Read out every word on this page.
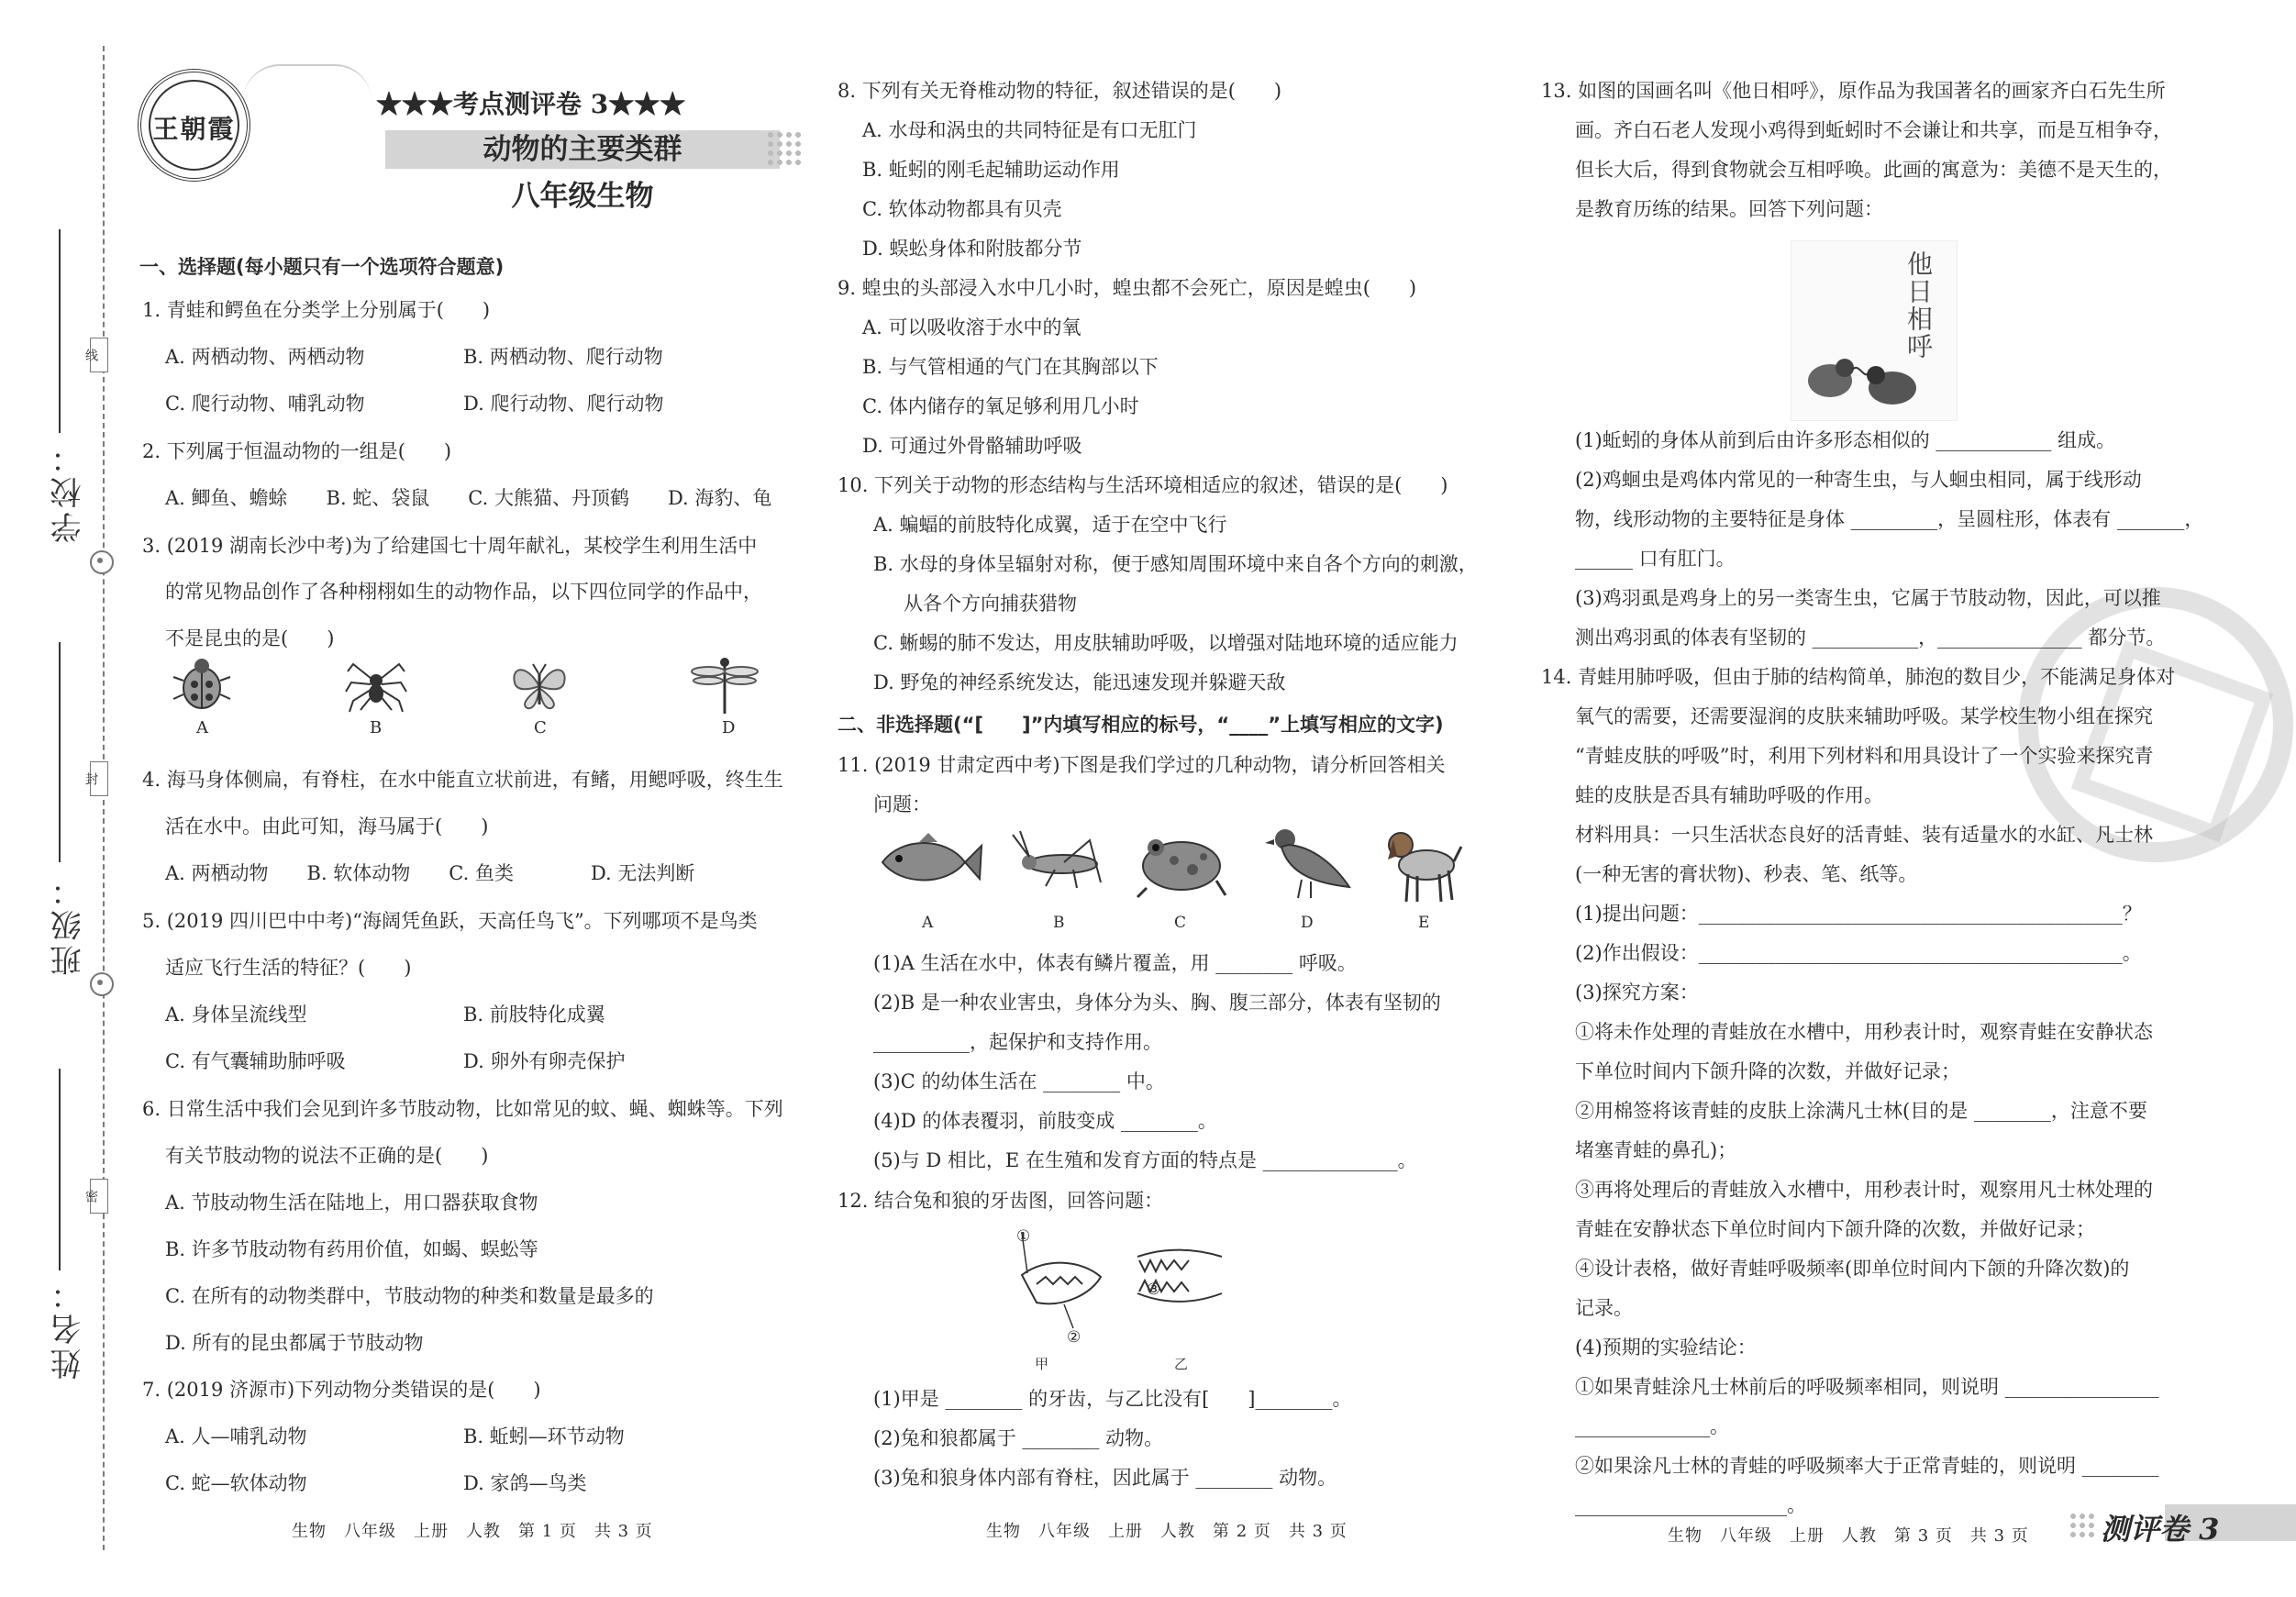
线
封
密
学校：
班级：
姓名：
王朝霞
★★★考点测评卷 3★★★
动物的主要类群
八年级生物
一、选择题(每小题只有一个选项符合题意)
1. 青蛙和鳄鱼在分类学上分别属于(　　)
A. 两栖动物、两栖动物	B. 两栖动物、爬行动物
C. 爬行动物、哺乳动物	D. 爬行动物、爬行动物
2. 下列属于恒温动物的一组是(　　)
A. 鲫鱼、蟾蜍　　B. 蛇、袋鼠　　C. 大熊猫、丹顶鹤　　D. 海豹、龟
3. (2019 湖南长沙中考)为了给建国七十周年献礼，某校学生利用生活中
的常见物品创作了各种栩栩如生的动物作品，以下四位同学的作品中，
不是昆虫的是(　　)
A	B	C	D
4. 海马身体侧扁，有脊柱，在水中能直立状前进，有鳍，用鳃呼吸，终生生
活在水中。由此可知，海马属于(　　)
A. 两栖动物　　B. 软体动物　　C. 鱼类　　　　D. 无法判断
5. (2019 四川巴中中考)“海阔凭鱼跃，天高任鸟飞”。下列哪项不是鸟类
适应飞行生活的特征？(　　)
A. 身体呈流线型	B. 前肢特化成翼
C. 有气囊辅助肺呼吸	D. 卵外有卵壳保护
6. 日常生活中我们会见到许多节肢动物，比如常见的蚊、蝇、蜘蛛等。下列
有关节肢动物的说法不正确的是(　　)
A. 节肢动物生活在陆地上，用口器获取食物
B. 许多节肢动物有药用价值，如蝎、蜈蚣等
C. 在所有的动物类群中，节肢动物的种类和数量是最多的
D. 所有的昆虫都属于节肢动物
7. (2019 济源市)下列动物分类错误的是(　　)
A. 人—哺乳动物	B. 蚯蚓—环节动物
C. 蛇—软体动物	D. 家鸽—鸟类
生物　八年级　上册　人教　第 1 页　共 3 页
8. 下列有关无脊椎动物的特征，叙述错误的是(　　)
A. 水母和涡虫的共同特征是有口无肛门
B. 蚯蚓的刚毛起辅助运动作用
C. 软体动物都具有贝壳
D. 蜈蚣身体和附肢都分节
9. 蝗虫的头部浸入水中几小时，蝗虫都不会死亡，原因是蝗虫(　　)
A. 可以吸收溶于水中的氧
B. 与气管相通的气门在其胸部以下
C. 体内储存的氧足够利用几小时
D. 可通过外骨骼辅助呼吸
10. 下列关于动物的形态结构与生活环境相适应的叙述，错误的是(　　)
A. 蝙蝠的前肢特化成翼，适于在空中飞行
B. 水母的身体呈辐射对称，便于感知周围环境中来自各个方向的刺激，
从各个方向捕获猎物
C. 蜥蜴的肺不发达，用皮肤辅助呼吸，以增强对陆地环境的适应能力
D. 野兔的神经系统发达，能迅速发现并躲避天敌
二、非选择题(“[　　]”内填写相应的标号，“____”上填写相应的文字)
11. (2019 甘肃定西中考)下图是我们学过的几种动物，请分析回答相关
问题：
A	B	C	D	E
(1)A 生活在水中，体表有鳞片覆盖，用 ________ 呼吸。
(2)B 是一种农业害虫，身体分为头、胸、腹三部分，体表有坚韧的
__________，起保护和支持作用。
(3)C 的幼体生活在 ________ 中。
(4)D 的体表覆羽，前肢变成 ________。
(5)与 D 相比，E 在生殖和发育方面的特点是 ______________。
12. 结合兔和狼的牙齿图，回答问题：
①
②
③
甲	乙
(1)甲是 ________ 的牙齿，与乙比没有[　　]________。
(2)兔和狼都属于 ________ 动物。
(3)兔和狼身体内部有脊柱，因此属于 ________ 动物。
生物　八年级　上册　人教　第 2 页　共 3 页
13. 如图的国画名叫《他日相呼》，原作品为我国著名的画家齐白石先生所
画。齐白石老人发现小鸡得到蚯蚓时不会谦让和共享，而是互相争夺，
但长大后，得到食物就会互相呼唤。此画的寓意为：美德不是天生的，
是教育历练的结果。回答下列问题：
他日相呼
(1)蚯蚓的身体从前到后由许多形态相似的 ____________ 组成。
(2)鸡蛔虫是鸡体内常见的一种寄生虫，与人蛔虫相同，属于线形动
物，线形动物的主要特征是身体 _________，呈圆柱形，体表有 _______，
______ 口有肛门。
(3)鸡羽虱是鸡身上的另一类寄生虫，它属于节肢动物，因此，可以推
测出鸡羽虱的体表有坚韧的 ___________，_______________ 都分节。
14. 青蛙用肺呼吸，但由于肺的结构简单，肺泡的数目少，不能满足身体对
氧气的需要，还需要湿润的皮肤来辅助呼吸。某学校生物小组在探究
“青蛙皮肤的呼吸”时，利用下列材料和用具设计了一个实验来探究青
蛙的皮肤是否具有辅助呼吸的作用。
材料用具：一只生活状态良好的活青蛙、装有适量水的水缸、凡士林
(一种无害的膏状物)、秒表、笔、纸等。
(1)提出问题：____________________________________________？
(2)作出假设：____________________________________________。
(3)探究方案：
①将未作处理的青蛙放在水槽中，用秒表计时，观察青蛙在安静状态
下单位时间内下颌升降的次数，并做好记录；
②用棉签将该青蛙的皮肤上涂满凡士林(目的是 ________，注意不要
堵塞青蛙的鼻孔)；
③再将处理后的青蛙放入水槽中，用秒表计时，观察用凡士林处理的
青蛙在安静状态下单位时间内下颌升降的次数，并做好记录；
④设计表格，做好青蛙呼吸频率(即单位时间内下颌的升降次数)的
记录。
(4)预期的实验结论：
①如果青蛙涂凡士林前后的呼吸频率相同，则说明 ________________
______________。
②如果涂凡士林的青蛙的呼吸频率大于正常青蛙的，则说明 ________
______________________。
生物　八年级　上册　人教　第 3 页　共 3 页 测评卷 3
